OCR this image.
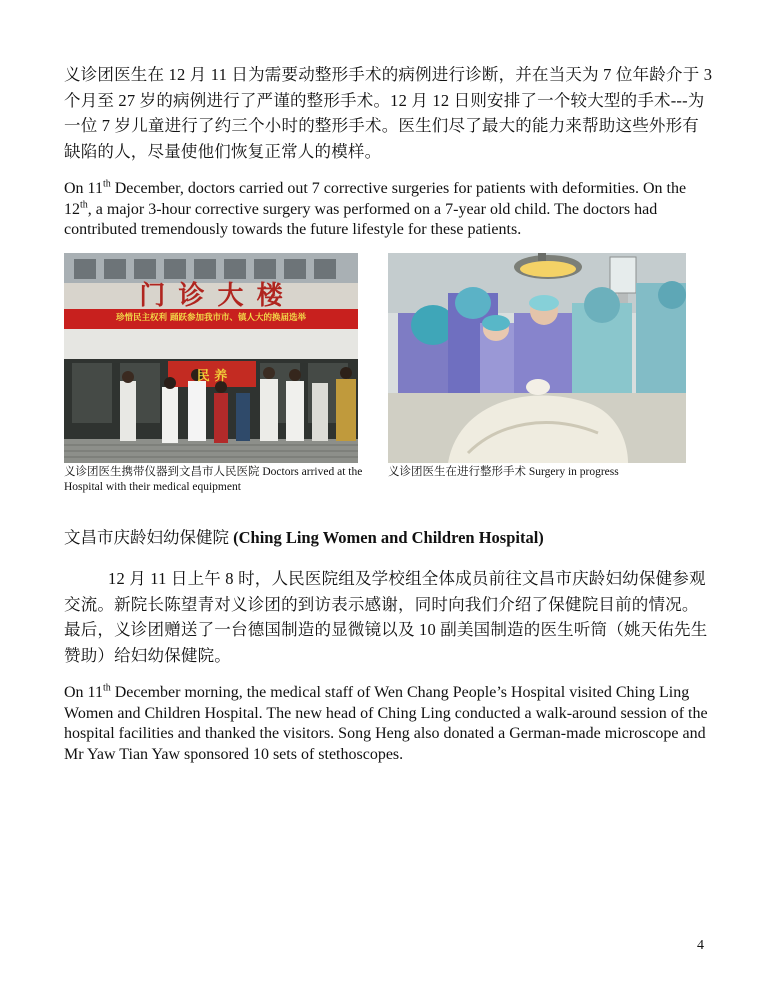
义诊团医生在 12 月 11 日为需要动整形手术的病例进行诊断，并在当天为 7 位年龄介于 3 个月至 27 岁的病例进行了严谨的整形手术。12 月 12 日则安排了一个较大型的手术---为一位 7 岁儿童进行了约三个小时的整形手术。医生们尽了最大的能力来帮助这些外形有缺陷的人，尽量使他们恢复正常人的模样。
On 11th December, doctors carried out 7 corrective surgeries for patients with deformities. On the 12th, a major 3-hour corrective surgery was performed on a 7-year old child. The doctors had contributed tremendously towards the future lifestyle for these patients.
门 诊 大 楼
珍惜民主权利 踊跃参加我市市、镇人大的换届选举
民 养
义诊团医生携带仪器到文昌市人民医院 Doctors arrived at the Hospital with their medical equipment
义诊团医生在进行整形手术 Surgery in progress
文昌市庆龄妇幼保健院 (Ching Ling Women and Children Hospital)
12 月 11 日上午 8 时，人民医院组及学校组全体成员前往文昌市庆龄妇幼保健参观交流。新院长陈望青对义诊团的到访表示感谢，同时向我们介绍了保健院目前的情况。最后，义诊团赠送了一台德国制造的显微镜以及 10 副美国制造的医生听筒（姚天佑先生赞助）给妇幼保健院。
On 11th December morning, the medical staff of Wen Chang People’s Hospital visited Ching Ling Women and Children Hospital. The new head of Ching Ling conducted a walk-around session of the hospital facilities and thanked the visitors. Song Heng also donated a German-made microscope and Mr Yaw Tian Yaw sponsored 10 sets of stethoscopes.
4
